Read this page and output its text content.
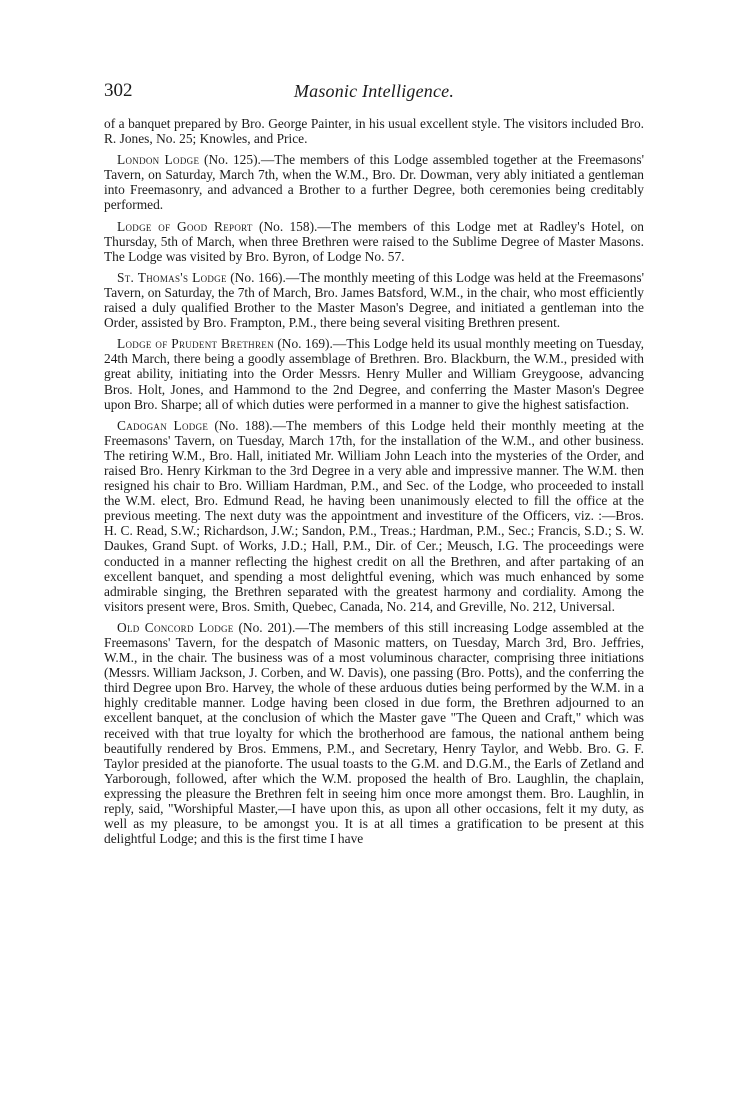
302	Masonic Intelligence.

of a banquet prepared by Bro. George Painter, in his usual excellent style. The visitors included Bro. R. Jones, No. 25; Knowles, and Price.

London Lodge (No. 125).—The members of this Lodge assembled together at the Freemasons' Tavern, on Saturday, March 7th, when the W.M., Bro. Dr. Dowman, very ably initiated a gentleman into Freemasonry, and advanced a Brother to a further Degree, both ceremonies being creditably performed.

Lodge of Good Report (No. 158).—The members of this Lodge met at Radley's Hotel, on Thursday, 5th of March, when three Brethren were raised to the Sublime Degree of Master Masons. The Lodge was visited by Bro. Byron, of Lodge No. 57.

St. Thomas's Lodge (No. 166).—The monthly meeting of this Lodge was held at the Freemasons' Tavern, on Saturday, the 7th of March, Bro. James Batsford, W.M., in the chair, who most efficiently raised a duly qualified Brother to the Master Mason's Degree, and initiated a gentleman into the Order, assisted by Bro. Frampton, P.M., there being several visiting Brethren present.

Lodge of Prudent Brethren (No. 169).—This Lodge held its usual monthly meeting on Tuesday, 24th March, there being a goodly assemblage of Brethren. Bro. Blackburn, the W.M., presided with great ability, initiating into the Order Messrs. Henry Muller and William Greygoose, advancing Bros. Holt, Jones, and Hammond to the 2nd Degree, and conferring the Master Mason's Degree upon Bro. Sharpe; all of which duties were performed in a manner to give the highest satisfaction.

Cadogan Lodge (No. 188).—The members of this Lodge held their monthly meeting at the Freemasons' Tavern, on Tuesday, March 17th, for the installation of the W.M., and other business. The retiring W.M., Bro. Hall, initiated Mr. William John Leach into the mysteries of the Order, and raised Bro. Henry Kirkman to the 3rd Degree in a very able and impressive manner. The W.M. then resigned his chair to Bro. William Hardman, P.M., and Sec. of the Lodge, who proceeded to install the W.M. elect, Bro. Edmund Read, he having been unanimously elected to fill the office at the previous meeting. The next duty was the appointment and investiture of the Officers, viz. :—Bros. H. C. Read, S.W.; Richardson, J.W.; Sandon, P.M., Treas.; Hardman, P.M., Sec.; Francis, S.D.; S. W. Daukes, Grand Supt. of Works, J.D.; Hall, P.M., Dir. of Cer.; Meusch, I.G. The proceedings were conducted in a manner reflecting the highest credit on all the Brethren, and after partaking of an excellent banquet, and spending a most delightful evening, which was much enhanced by some admirable singing, the Brethren separated with the greatest harmony and cordiality. Among the visitors present were, Bros. Smith, Quebec, Canada, No. 214, and Greville, No. 212, Universal.

Old Concord Lodge (No. 201).—The members of this still increasing Lodge assembled at the Freemasons' Tavern, for the despatch of Masonic matters, on Tuesday, March 3rd, Bro. Jeffries, W.M., in the chair. The business was of a most voluminous character, comprising three initiations (Messrs. William Jackson, J. Corben, and W. Davis), one passing (Bro. Potts), and the conferring the third Degree upon Bro. Harvey, the whole of these arduous duties being performed by the W.M. in a highly creditable manner. Lodge having been closed in due form, the Brethren adjourned to an excellent banquet, at the conclusion of which the Master gave "The Queen and Craft," which was received with that true loyalty for which the brotherhood are famous, the national anthem being beautifully rendered by Bros. Emmens, P.M., and Secretary, Henry Taylor, and Webb. Bro. G. F. Taylor presided at the pianoforte. The usual toasts to the G.M. and D.G.M., the Earls of Zetland and Yarborough, followed, after which the W.M. proposed the health of Bro. Laughlin, the chaplain, expressing the pleasure the Brethren felt in seeing him once more amongst them. Bro. Laughlin, in reply, said, "Worshipful Master,—I have upon this, as upon all other occasions, felt it my duty, as well as my pleasure, to be amongst you. It is at all times a gratification to be present at this delightful Lodge; and this is the first time I have
